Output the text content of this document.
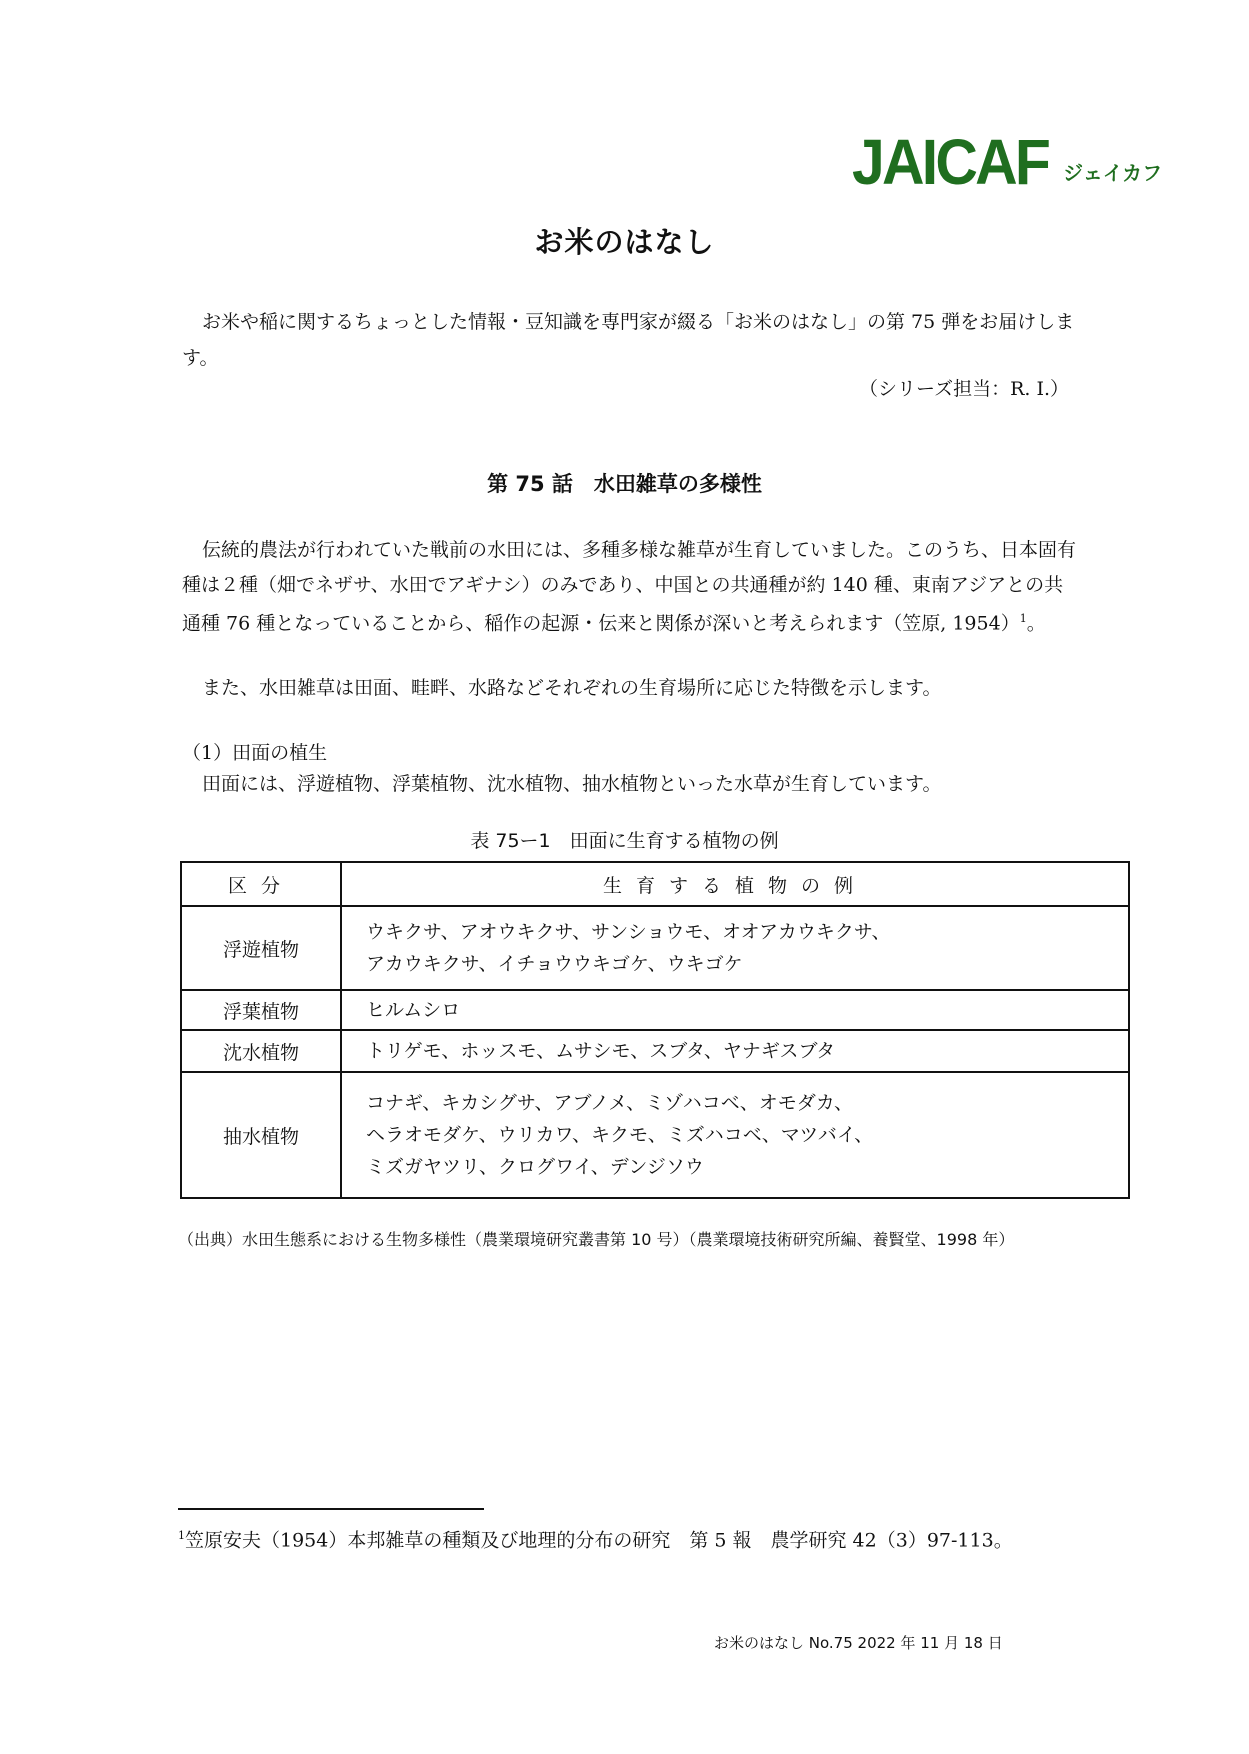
JAICAF ジェイカフ
お米のはなし
お米や稲に関するちょっとした情報・豆知識を専門家が綴る「お米のはなし」の第 75 弾をお届けします。
（シリーズ担当：R. I.）
第 75 話　水田雑草の多様性
伝統的農法が行われていた戦前の水田には、多種多様な雑草が生育していました。このうち、日本固有種は２種（畑でネザサ、水田でアギナシ）のみであり、中国との共通種が約 140 種、東南アジアとの共通種 76 種となっていることから、稲作の起源・伝来と関係が深いと考えられます（笠原, 1954）$^1$。
また、水田雑草は田面、畦畔、水路などそれぞれの生育場所に応じた特徴を示します。
（1）田面の植生
田面には、浮遊植物、浮葉植物、沈水植物、抽水植物といった水草が生育しています。
表 75ー1　田面に生育する植物の例
区分	生育する植物の例
浮遊植物	ウキクサ、アオウキクサ、サンショウモ、オオアカウキクサ、
アカウキクサ、イチョウウキゴケ、ウキゴケ

浮葉植物	ヒルムシロ

沈水植物	トリゲモ、ホッスモ、ムサシモ、スブタ、ヤナギスブタ

抽水植物	コナギ、キカシグサ、アブノメ、ミゾハコベ、オモダカ、
ヘラオモダケ、ウリカワ、キクモ、ミズハコベ、マツバイ、
ミズガヤツリ、クログワイ、デンジソウ
（出典）水田生態系における生物多様性（農業環境研究叢書第 10 号）（農業環境技術研究所編、養賢堂、1998 年）
$^1$笠原安夫（1954）本邦雑草の種類及び地理的分布の研究　第 5 報　農学研究 42（3）97-113。
お米のはなし No.75 2022 年 11 月 18 日
